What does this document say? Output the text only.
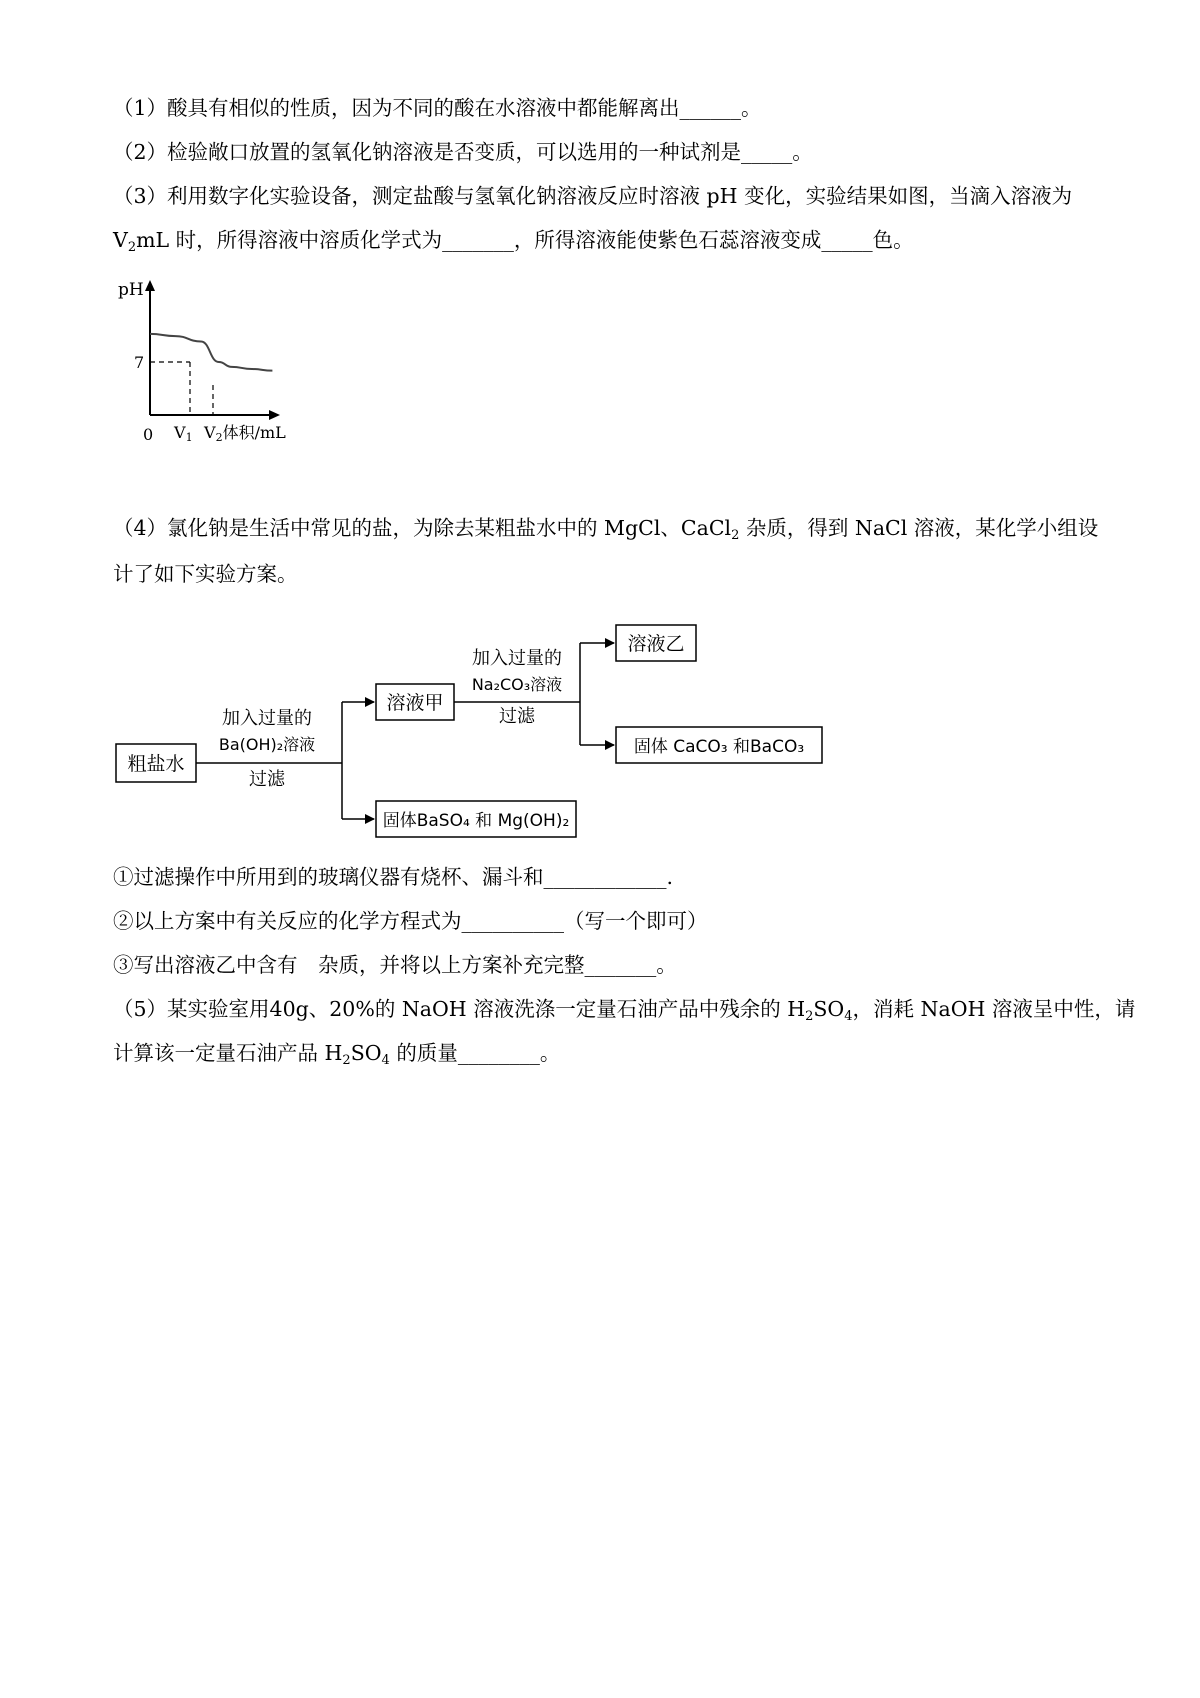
（1）酸具有相似的性质，因为不同的酸在水溶液中都能解离出______。
（2）检验敞口放置的氢氧化钠溶液是否变质，可以选用的一种试剂是_____。
（3）利用数字化实验设备，测定盐酸与氢氧化钠溶液反应时溶液 pH 变化，实验结果如图，当滴入溶液为
$V_2mL$ 时，所得溶液中溶质化学式为_______，所得溶液能使紫色石蕊溶液变成_____色。
pH
7
0 V1 V2体积/mL
（4）氯化钠是生活中常见的盐，为除去某粗盐水中的 MgCl、CaCl$_2$ 杂质，得到 NaCl 溶液，某化学小组设
计了如下实验方案。
粗盐水
加入过量的
Ba(OH)₂溶液
过滤
溶液甲
固体BaSO₄ 和 Mg(OH)₂
加入过量的
Na₂CO₃溶液
过滤
溶液乙
固体 CaCO₃ 和BaCO₃
①过滤操作中所用到的玻璃仪器有烧杯、漏斗和____________.
②以上方案中有关反应的化学方程式为__________（写一个即可）
③写出溶液乙中含有　杂质，并将以上方案补充完整_______。
（5）某实验室用40g、20%的 NaOH 溶液洗涤一定量石油产品中残余的 $H_2SO_4$，消耗 NaOH 溶液呈中性，请
计算该一定量石油产品 $H_2SO_4$ 的质量________。
